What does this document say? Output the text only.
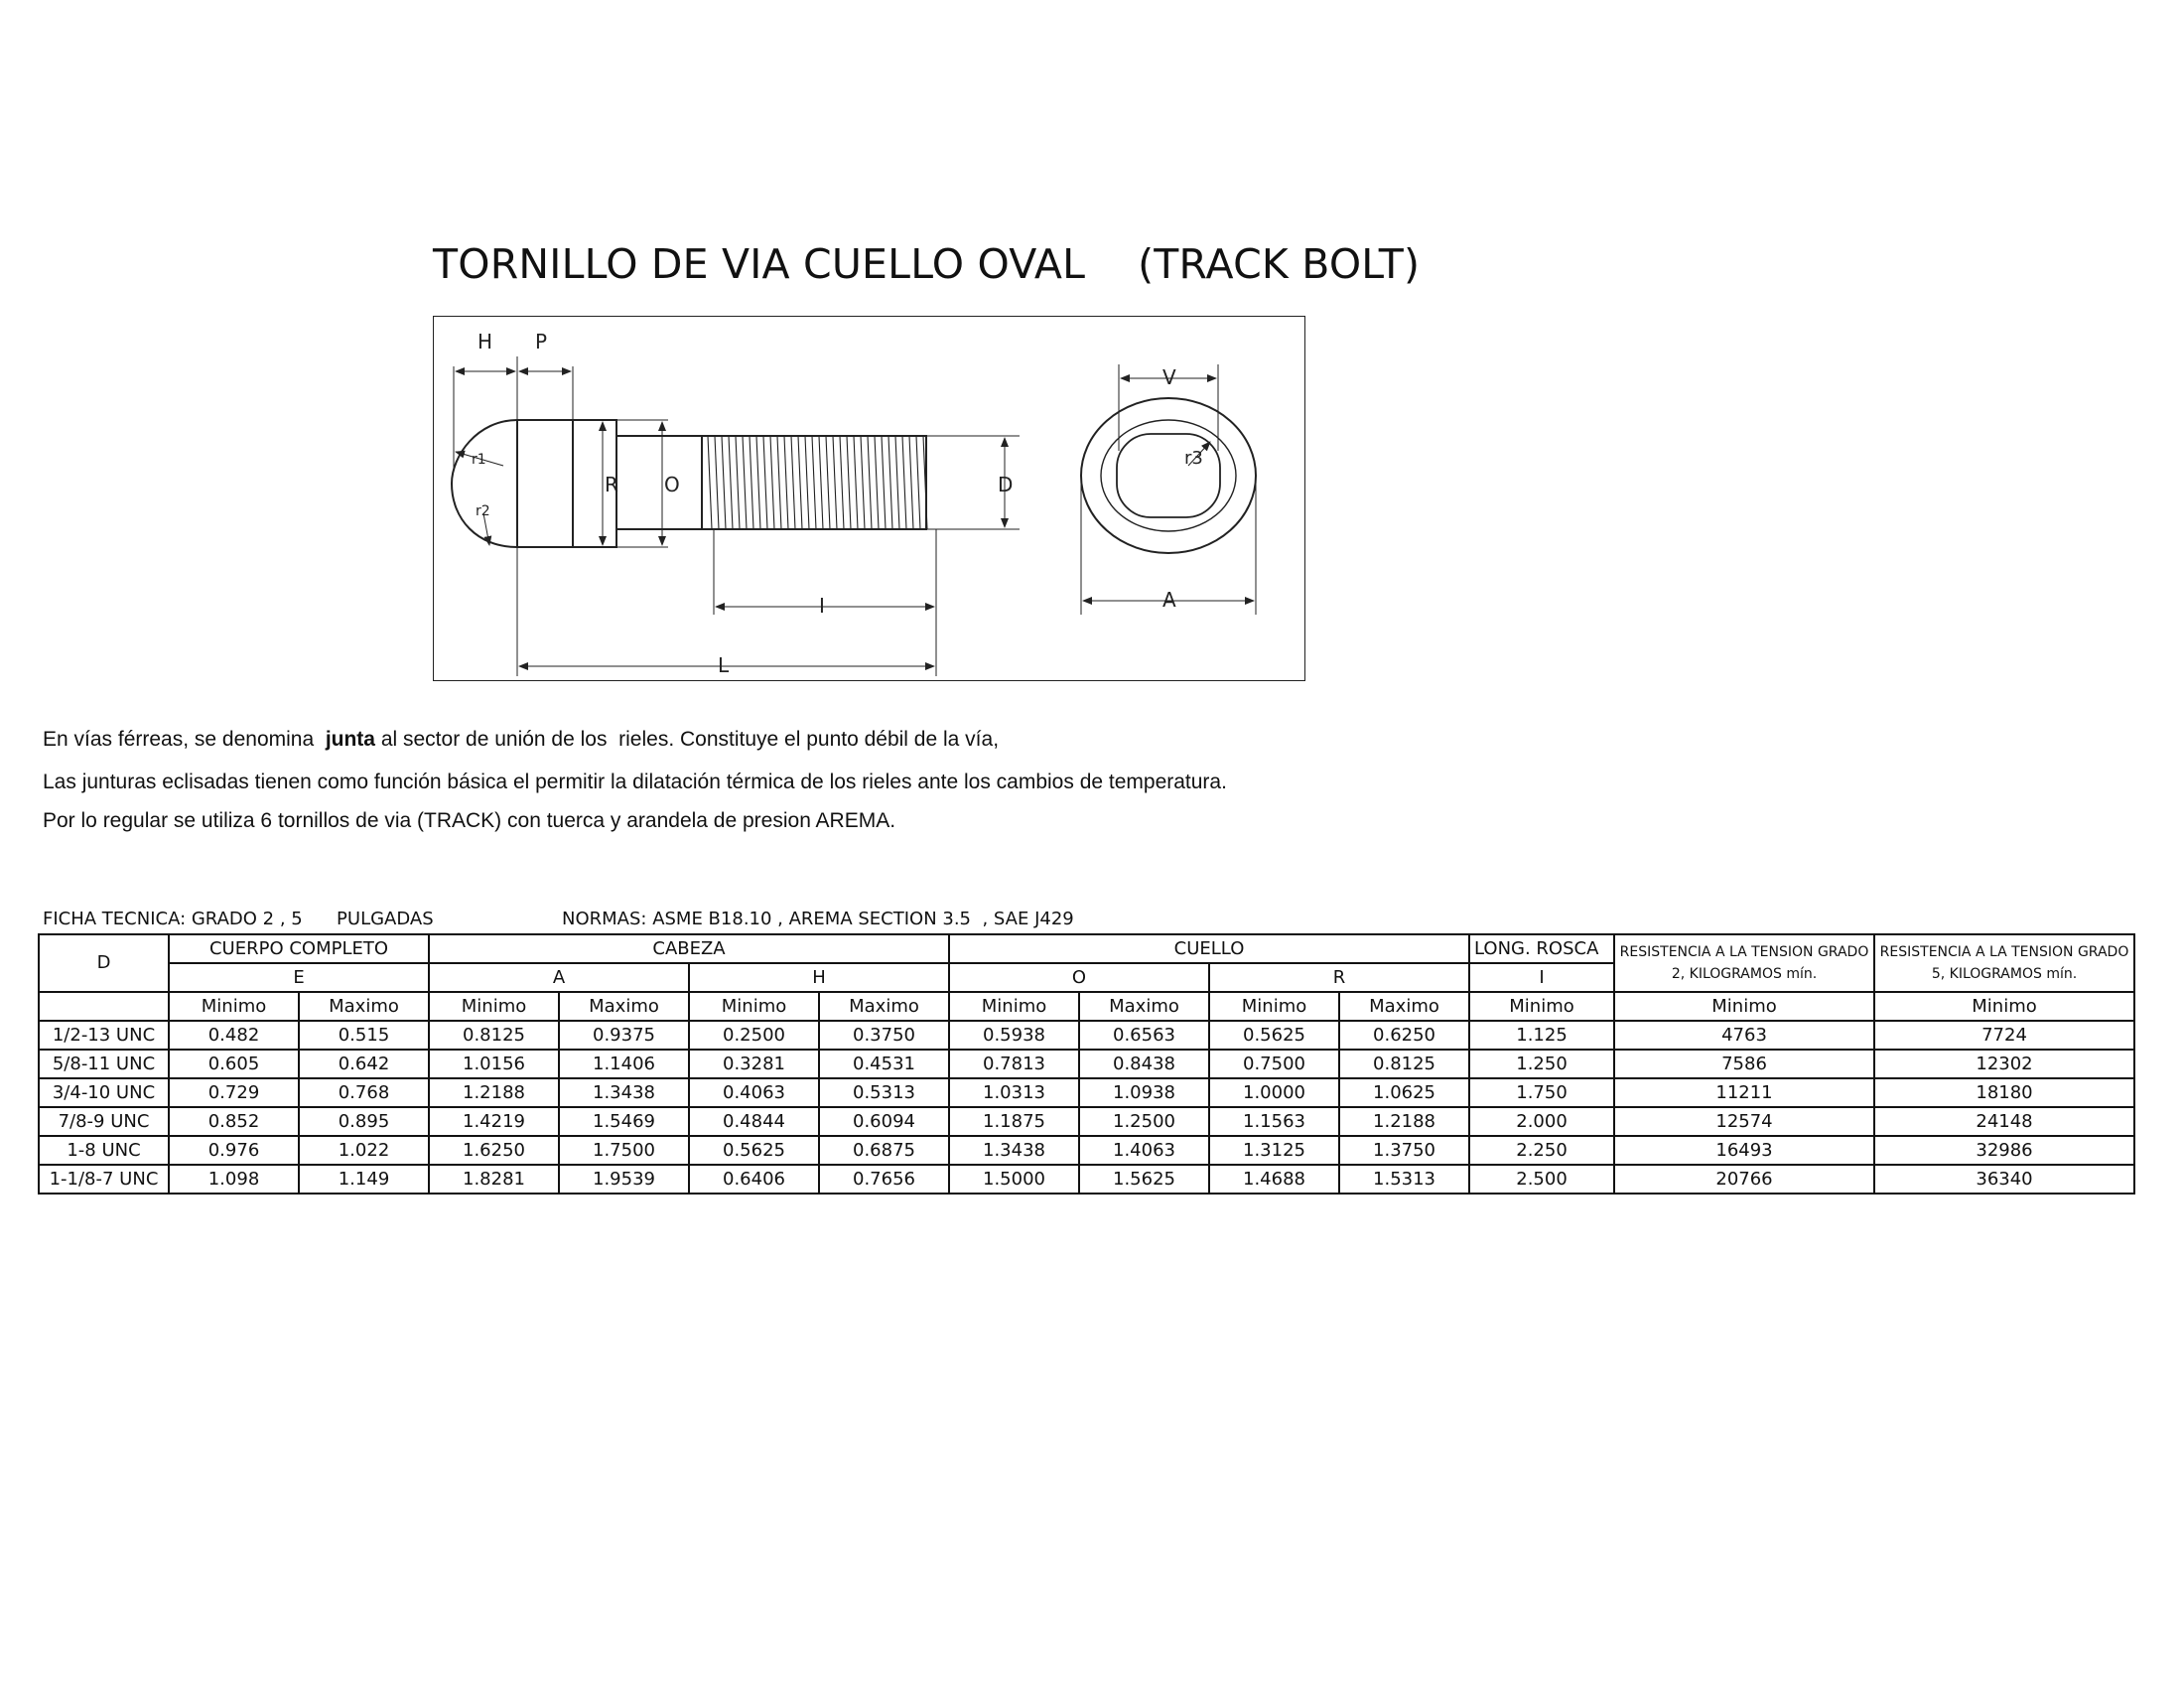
TORNILLO DE VIA CUELLO OVAL    (TRACK BOLT)
H P
r1
r2
R O	D
I
L
V
r3
A
En vías férreas, se denomina  junta al sector de unión de los  rieles. Constituye el punto débil de la vía,
Las junturas eclisadas tienen como función básica el permitir la dilatación térmica de los rieles ante los cambios de temperatura.
Por lo regular se utiliza 6 tornillos de via (TRACK) con tuerca y arandela de presion AREMA.
FICHA TECNICA: GRADO 2 , 5      PULGADAS	NORMAS: ASME B18.10 , AREMA SECTION 3.5  , SAE J429
D	CUERPO COMPLETO		CABEZA				CUELLO				LONG. ROSCA	RESISTENCIA A LA TENSION GRADO 2, KILOGRAMOS mín.	RESISTENCIA A LA TENSION GRADO 5, KILOGRAMOS mín.
	E		A		H		O		R		I		
	Minimo	Maximo	Minimo	Maximo	Minimo	Maximo	Minimo	Maximo	Minimo	Maximo	Minimo	Minimo	Minimo
1/2-13 UNC	0.482	0.515	0.8125	0.9375	0.2500	0.3750	0.5938	0.6563	0.5625	0.6250	1.125	4763	7724
5/8-11 UNC	0.605	0.642	1.0156	1.1406	0.3281	0.4531	0.7813	0.8438	0.7500	0.8125	1.250	7586	12302
3/4-10 UNC	0.729	0.768	1.2188	1.3438	0.4063	0.5313	1.0313	1.0938	1.0000	1.0625	1.750	11211	18180
7/8-9 UNC	0.852	0.895	1.4219	1.5469	0.4844	0.6094	1.1875	1.2500	1.1563	1.2188	2.000	12574	24148
1-8 UNC	0.976	1.022	1.6250	1.7500	0.5625	0.6875	1.3438	1.4063	1.3125	1.3750	2.250	16493	32986
1-1/8-7 UNC	1.098	1.149	1.8281	1.9539	0.6406	0.7656	1.5000	1.5625	1.4688	1.5313	2.500	20766	36340
